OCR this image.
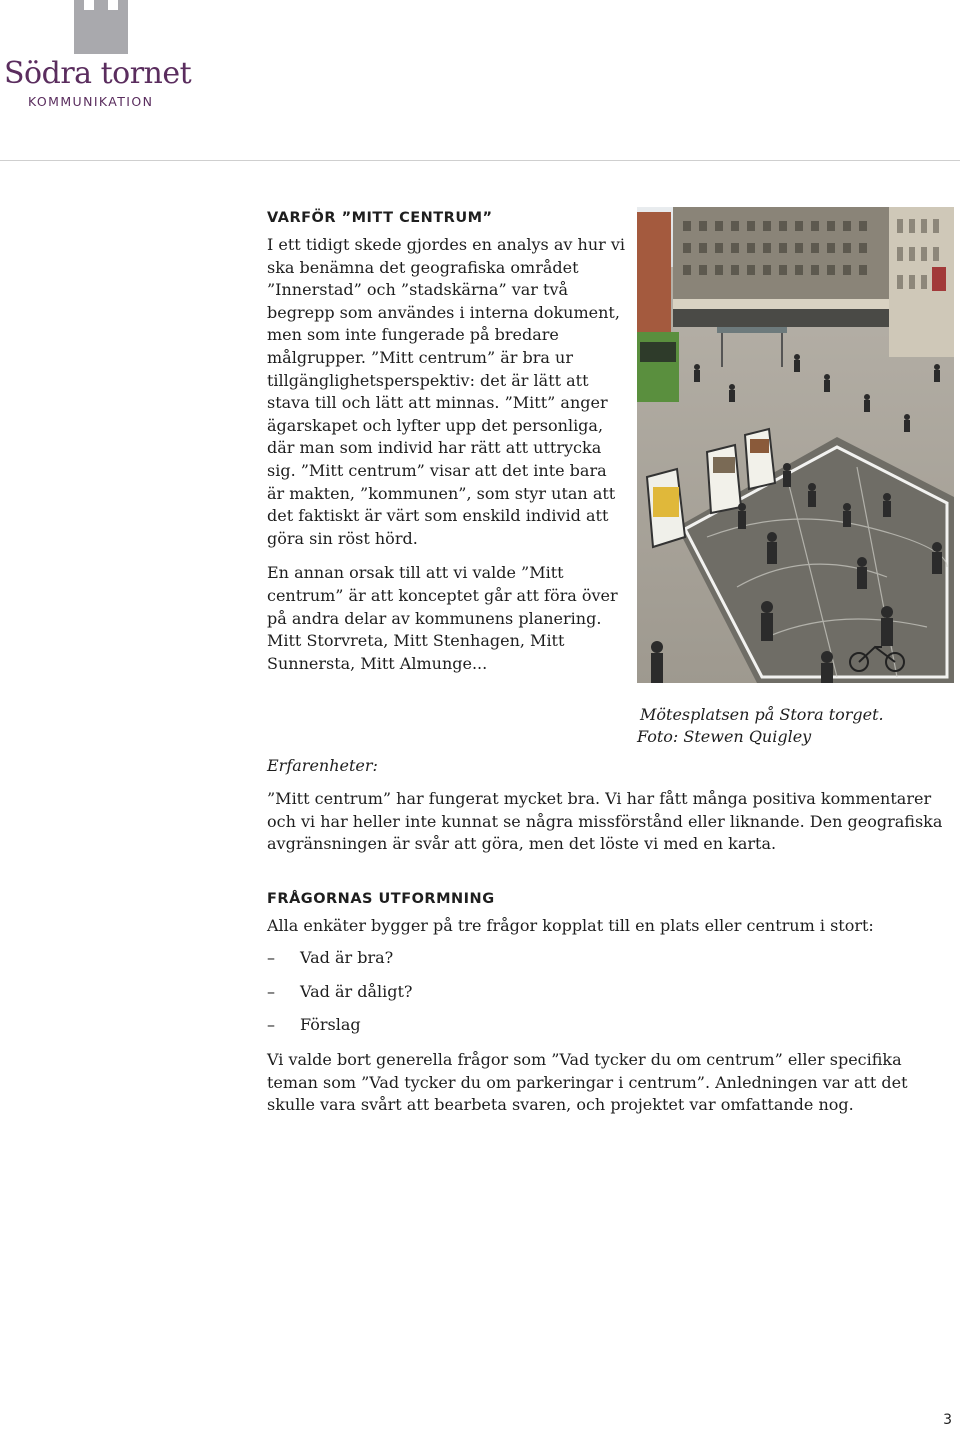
Södra tornet
KOMMUNIKATION
VARFÖR ”MITT CENTRUM”

I ett tidigt skede gjordes en analys av hur vi ska benämna det geografiska området ”Innerstad” och ”stadskärna” var två begrepp som användes i interna dokument, men som inte fungerade på bredare målgrupper. ”Mitt centrum” är bra ur tillgänglighetsperspektiv: det är lätt att stava till och lätt att minnas. ”Mitt” anger ägarskapet och lyfter upp det personliga, där man som individ har rätt att uttrycka sig. ”Mitt centrum” visar att det inte bara är makten, ”kommunen”, som styr utan att det faktiskt är värt som enskild individ att göra sin röst hörd.

En annan orsak till att vi valde ”Mitt centrum” är att konceptet går att föra över på andra delar av kommunens planering. Mitt Storvreta, Mitt Stenhagen, Mitt Sunnersta, Mitt Almunge...

Mötesplatsen på Stora torget.
Foto: Stewen Quigley
Erfarenheter:
”Mitt centrum” har fungerat mycket bra. Vi har fått många positiva kommentarer och vi har heller inte kunnat se några missförstånd eller liknande. Den geografiska avgränsningen är svår att göra, men det löste vi med en karta.
FRÅGORNAS UTFORMNING
Alla enkäter bygger på tre frågor kopplat till en plats eller centrum i stort:
– Vad är bra?
– Vad är dåligt?
– Förslag
Vi valde bort generella frågor som ”Vad tycker du om centrum” eller specifika teman som ”Vad tycker du om parkeringar i centrum”. Anledningen var att det skulle vara svårt att bearbeta svaren, och projektet var omfattande nog.
3
